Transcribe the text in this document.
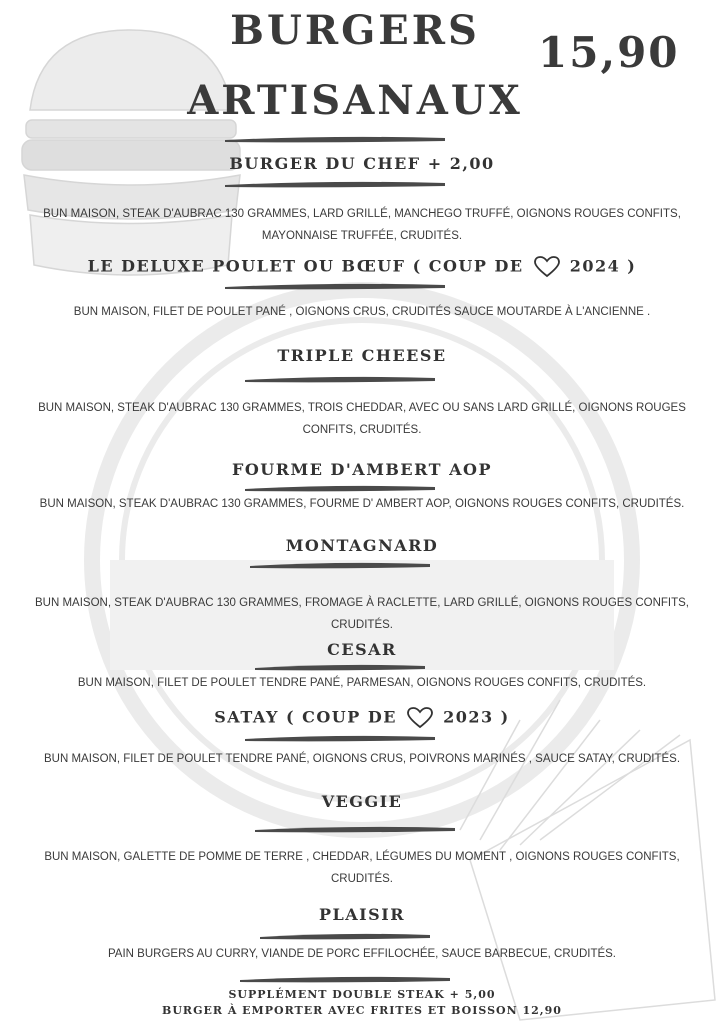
BURGERS
ARTISANAUX
15,90
BURGER DU CHEF + 2,00
BUN MAISON, STEAK D'AUBRAC 130 GRAMMES, LARD GRILLÉ, MANCHEGO TRUFFÉ, OIGNONS ROUGES CONFITS,
MAYONNAISE TRUFFÉE, CRUDITÉS.
LE DELUXE POULET OU BŒUF ( COUP DE	2024 )
BUN MAISON, FILET DE POULET PANÉ , OIGNONS CRUS, CRUDITÉS SAUCE MOUTARDE À L'ANCIENNE .
TRIPLE CHEESE
BUN MAISON, STEAK D'AUBRAC 130 GRAMMES, TROIS CHEDDAR, AVEC OU SANS LARD GRILLÉ, OIGNONS ROUGES
CONFITS, CRUDITÉS.
FOURME D'AMBERT AOP
BUN MAISON, STEAK D'AUBRAC 130 GRAMMES, FOURME D' AMBERT AOP, OIGNONS ROUGES CONFITS, CRUDITÉS.
MONTAGNARD
BUN MAISON, STEAK D'AUBRAC 130 GRAMMES, FROMAGE À RACLETTE, LARD GRILLÉ, OIGNONS ROUGES CONFITS,
CRUDITÉS.
CESAR
BUN MAISON, FILET DE POULET TENDRE PANÉ, PARMESAN, OIGNONS ROUGES CONFITS, CRUDITÉS.
SATAY ( COUP DE	2023 )
BUN MAISON, FILET DE POULET TENDRE PANÉ, OIGNONS CRUS, POIVRONS MARINÉS , SAUCE SATAY, CRUDITÉS.
VEGGIE
BUN MAISON, GALETTE DE POMME DE TERRE , CHEDDAR, LÉGUMES DU MOMENT , OIGNONS ROUGES CONFITS,
CRUDITÉS.
PLAISIR
PAIN BURGERS AU CURRY, VIANDE DE PORC EFFILOCHÉE, SAUCE BARBECUE, CRUDITÉS.
SUPPLÉMENT DOUBLE STEAK + 5,00
BURGER À EMPORTER AVEC FRITES ET BOISSON 12,90
